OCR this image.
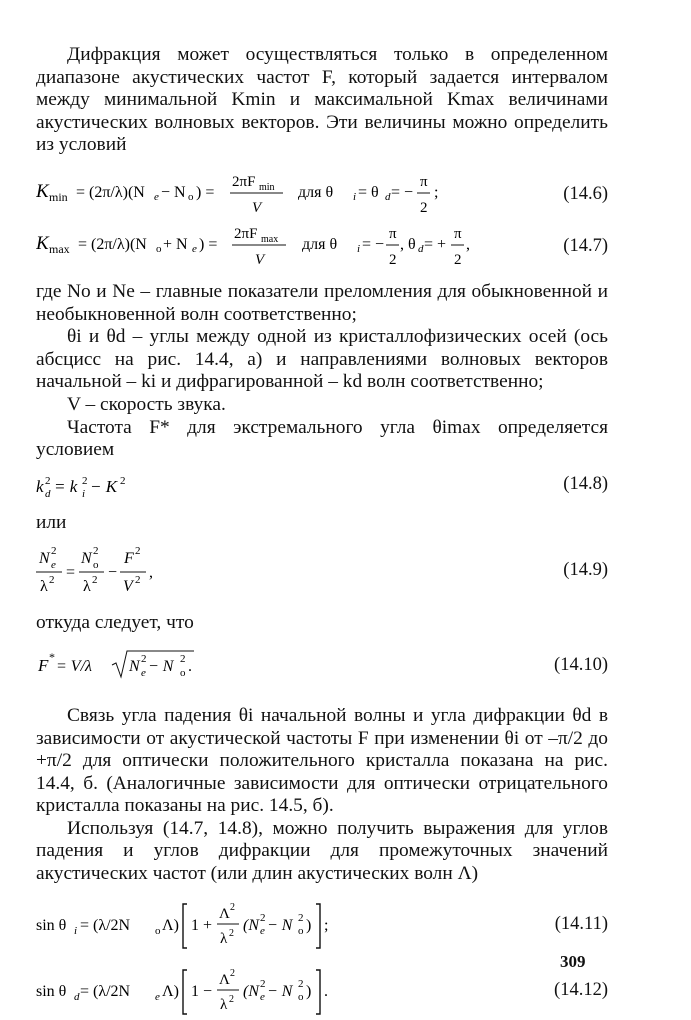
Дифракция может осуществляться только в определенном диапазоне акустических частот F, который задается интервалом между минимальной Kmin и максимальной Kmax величинами акустических волновых векторов. Эти величины можно определить из условий

K min = (2π/λ)(N e − N o ) =
2πF min
V
для θ i = θ d = −
π
2
;	(14.6)
K max = (2π/λ)(N o + N e ) =
2πF max
V
для θ i = −
π
2
, θ d = +
π
2
,	(14.7)

где No и Ne – главные показатели преломления для обыкновенной и необыкновенной волн соответственно;

θi и θd – углы между одной из кристаллофизических осей (ось абсцисс на рис. 14.4, а) и направлениями волновых векторов начальной – ki и дифрагированной – kd волн соответственно;

V – скорость звука.

Частота F* для экстремального угла θimax определяется условием

k d
2 = k i
2 − K 2	(14.8)

или

N e
2
λ 2 =
N o
2
λ 2 −
F 2
V 2 ,	(14.9)

откуда следует, что

F *
= V/λ N e
2 − N o
2 .	(14.10)

Связь угла падения θi начальной волны и угла дифракции θd в зависимости от акустической частоты F при изменении θi от –π/2 до +π/2 для оптически положительного кристалла показана на рис. 14.4, б. (Аналогичные зависимости для оптически отрицательного кристалла показаны на рис. 14.5, б).

Используя (14.7, 14.8), можно получить выражения для углов падения и углов дифракции для промежуточных значений акустических частот (или длин акустических волн Λ)

sin θ i = (λ/2N o Λ) 1 +
Λ 2
λ 2 (N e
2 − N o
2 ) ;	(14.11)
sin θ d = (λ/2N e Λ) 1 −
Λ 2
λ 2 (N e
2 − N o
2 ) .	(14.12)
309
